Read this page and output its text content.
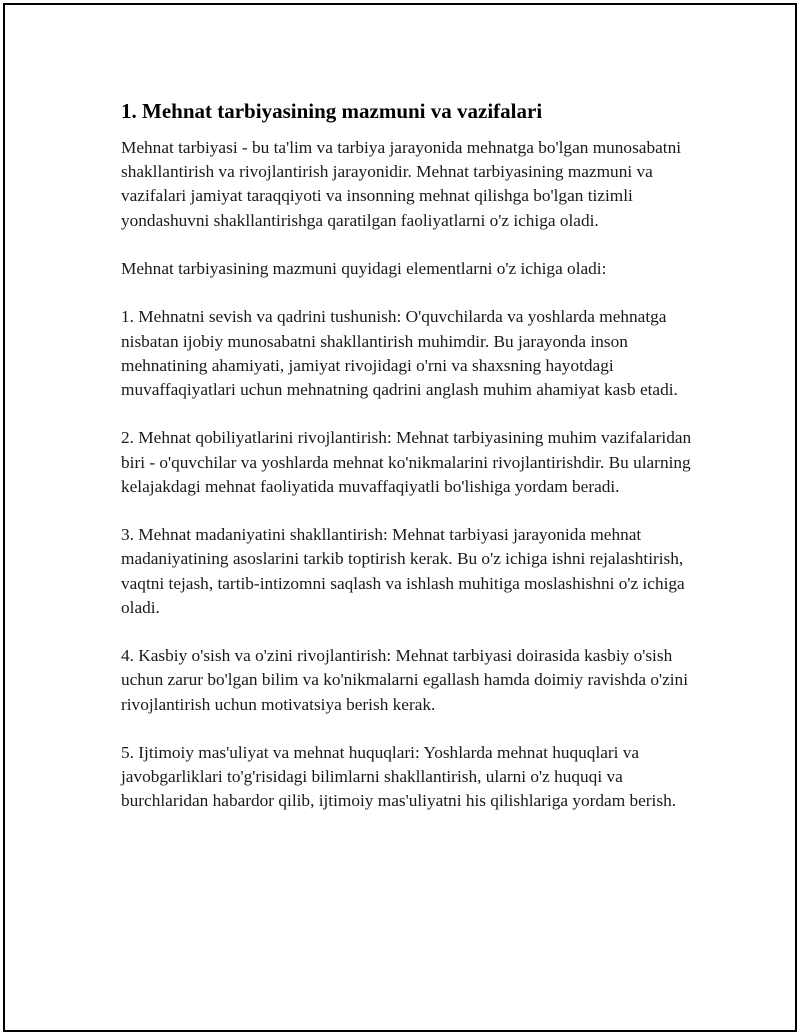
1. Mehnat tarbiyasining mazmuni va vazifalari

Mehnat tarbiyasi - bu ta'lim va tarbiya jarayonida mehnatga bo'lgan munosabatni shakllantirish va rivojlantirish jarayonidir. Mehnat tarbiyasining mazmuni va vazifalari jamiyat taraqqiyoti va insonning mehnat qilishga bo'lgan tizimli yondashuvni shakllantirishga qaratilgan faoliyatlarni o'z ichiga oladi.

Mehnat tarbiyasining mazmuni quyidagi elementlarni o'z ichiga oladi:

1. Mehnatni sevish va qadrini tushunish: O'quvchilarda va yoshlarda mehnatga nisbatan ijobiy munosabatni shakllantirish muhimdir. Bu jarayonda inson mehnatining ahamiyati, jamiyat rivojidagi o'rni va shaxsning hayotdagi muvaffaqiyatlari uchun mehnatning qadrini anglash muhim ahamiyat kasb etadi.

2. Mehnat qobiliyatlarini rivojlantirish: Mehnat tarbiyasining muhim vazifalaridan biri - o'quvchilar va yoshlarda mehnat ko'nikmalarini rivojlantirishdir. Bu ularning kelajakdagi mehnat faoliyatida muvaffaqiyatli bo'lishiga yordam beradi.

3. Mehnat madaniyatini shakllantirish: Mehnat tarbiyasi jarayonida mehnat madaniyatining asoslarini tarkib toptirish kerak. Bu o'z ichiga ishni rejalashtirish, vaqtni tejash, tartib-intizomni saqlash va ishlash muhitiga moslashishni o'z ichiga oladi.

4. Kasbiy o'sish va o'zini rivojlantirish: Mehnat tarbiyasi doirasida kasbiy o'sish uchun zarur bo'lgan bilim va ko'nikmalarni egallash hamda doimiy ravishda o'zini rivojlantirish uchun motivatsiya berish kerak.

5. Ijtimoiy mas'uliyat va mehnat huquqlari: Yoshlarda mehnat huquqlari va javobgarliklari to'g'risidagi bilimlarni shakllantirish, ularni o'z huquqi va burchlaridan habardor qilib, ijtimoiy mas'uliyatni his qilishlariga yordam berish.
